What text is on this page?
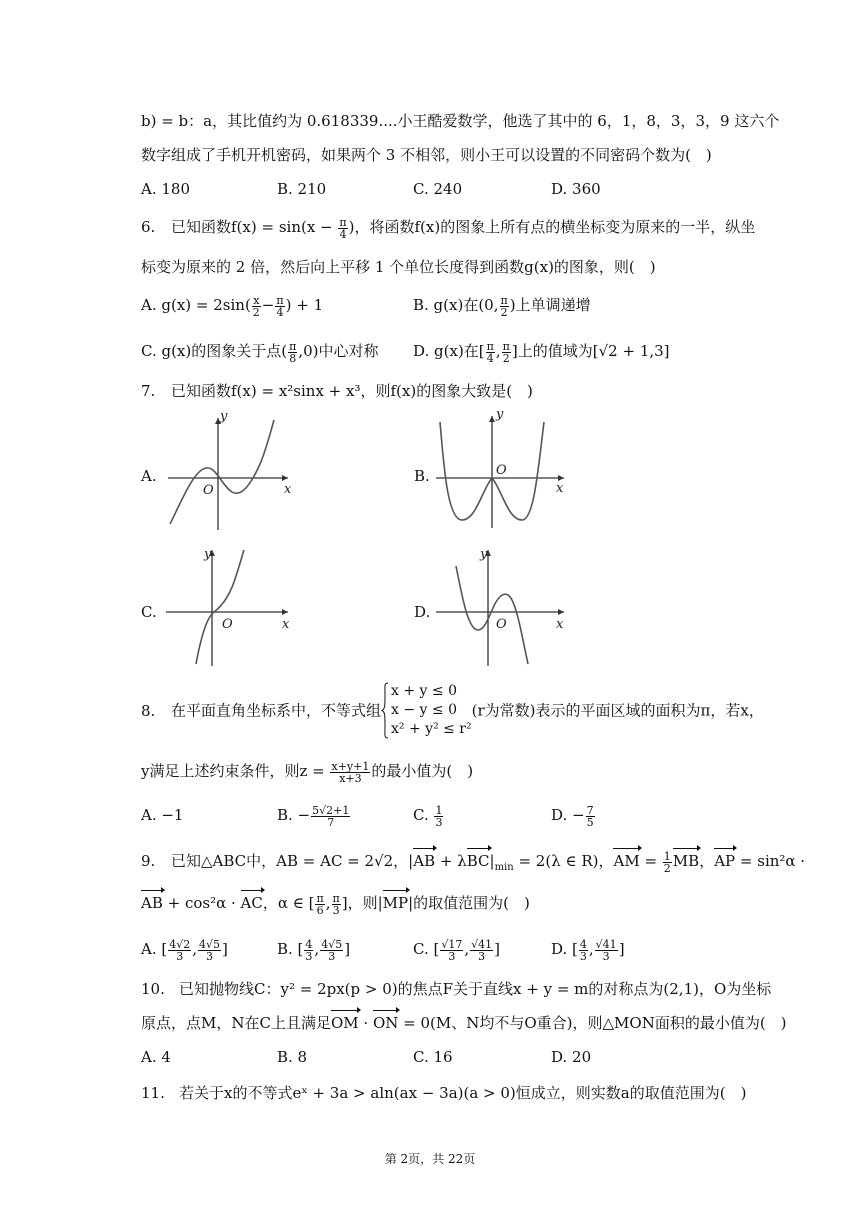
b) = b：a，其比值约为 0.618339....小王酷爱数学，他选了其中的 6，1，8，3，3，9 这六个
数字组成了手机开机密码，如果两个 3 不相邻，则小王可以设置的不同密码个数为(　)
A. 180	B. 210	C. 240	D. 360
6. 已知函数$f(x) = \sin(x - \frac{\pi}{4}$ )，将函数f(x)的图象上所有点的横坐标变为原来的一半，纵坐
标变为原来的 2 倍，然后向上平移 1 个单位长度得到函数g(x)的图象，则(　)
A. $g(x) = 2\sin( \frac{x}{2} - \frac{\pi}{4}$ ) + 1	B. g(x)在(0, $\frac{\pi}{2}$ )上单调递增
C. g(x)的图象关于点( $\frac{\pi}{8} ,0$)中心对称 D. g(x)在[ $\frac{\pi}{4}$ , $\frac{\pi}{2}$ ]上的值域为[√2 + 1,3]
7. 已知函数f(x) = x²sinx + x³，则f(x)的图象大致是(　)
A.
y
x
O
B.
y
x
O
C.
y
x
O
D.
y
x
O
8. 在平面直角坐标系中，不等式组
x + y ≤ 0
x − y ≤ 0
x² + y² ≤ r²
(r为常数)表示的平面区域的面积为π，若x，
y满足上述约束条件，则$z = \frac{x+y+1}{x+3}$ 的最小值为(　)
A. −1	B. − $\frac{5√2+1}{7}$	C. $\frac{1}{3}$	D. − $\frac{7}{5}$
9. 已知△ABC中，AB = AC = 2√2，$|AB + \lambda BC|_{min} = 2(\lambda$ ∈ R)，AM = $\frac{1}{2}$ MB，AP = sin²α ·
AB + cos²α · AC，α ∈ [ $\frac{\pi}{6}$ , $\frac{\pi}{3}$ ]，则|MP|的取值范围为(　)
A. [ $\frac{4√2}{3}$ , $\frac{4√5}{3}$ ]	B. [ $\frac{4}{3}$ , $\frac{4√5}{3}$ ]	C. [ $\frac{√17}{3}$ , $\frac{√41}{3}$ ]	D. [ $\frac{4}{3}$ , $\frac{√41}{3}$ ]
10. 已知抛物线C：y² = 2px(p > 0)的焦点F关于直线x + y = m的对称点为(2,1)，O为坐标
原点，点M，N在C上且满足OM · ON = 0(M、N均不与O重合)，则△MON面积的最小值为(　)
A. 4	B. 8	C. 16	D. 20
11. 若关于x的不等式eˣ + 3a > aln(ax − 3a)(a > 0)恒成立，则实数a的取值范围为(　)
第 2页，共 22页
